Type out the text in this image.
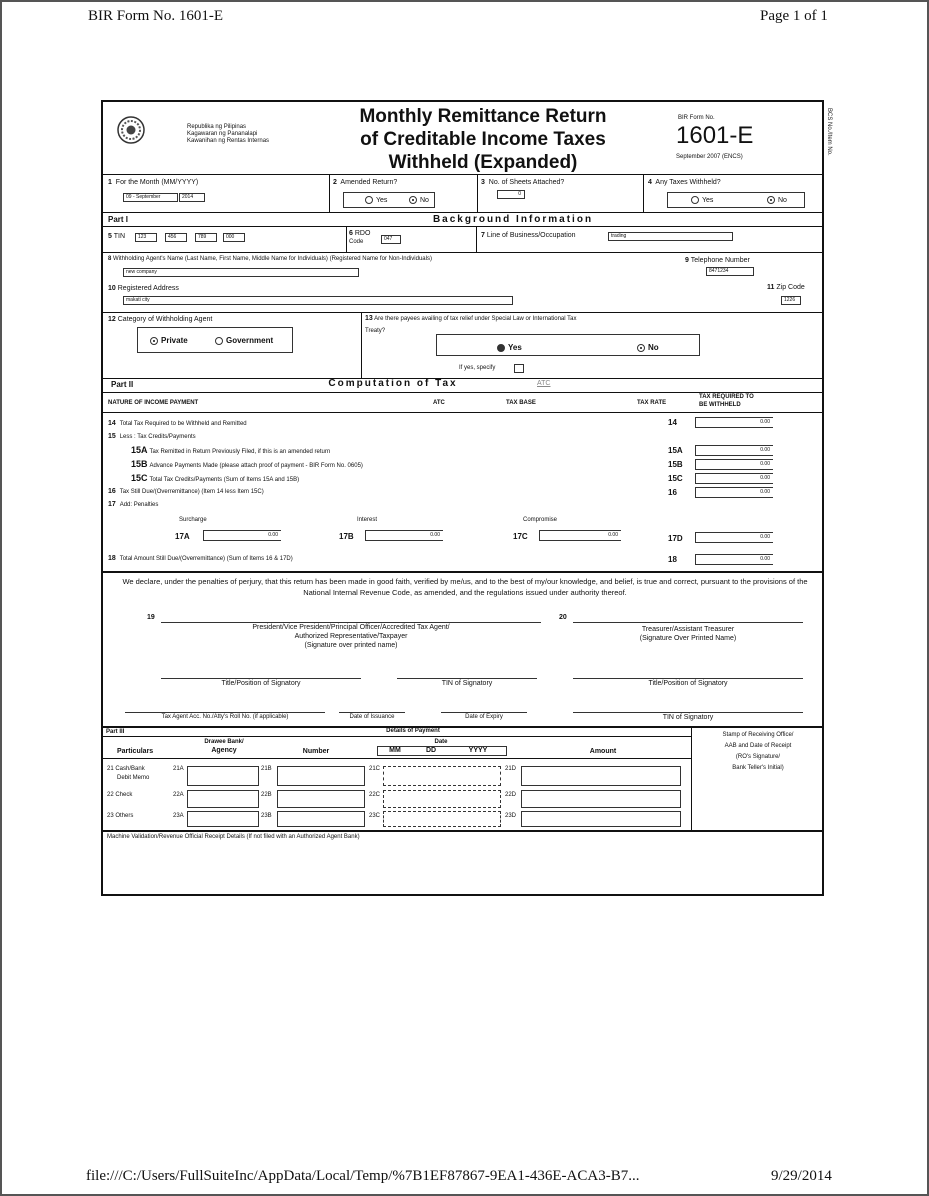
BIR Form No. 1601-E	Page 1 of 1
BCS No./Item No.
Republika ng Pilipinas
Kagawaran ng Pananalapi
Kawanihan ng Rentas Internas
Monthly Remittance Return
of Creditable Income Taxes
Withheld (Expanded)
BIR Form No.
1601-E
September 2007 (ENCS)
1 For the Month (MM/YYYY)
09 - September	2014
2 Amended Return?
Yes	No
3 No. of Sheets Attached?
0
4 Any Taxes Withheld?
Yes	No
Part I	Background Information
5 TIN	123	456	789	000	6 RDO
Code	047	7 Line of Business/Occupation	trading
8 Withholding Agent's Name (Last Name, First Name, Middle Name for Individuals) (Registered Name for Non-Individuals)
new company
9 Telephone Number
8471234
10 Registered Address
makati city
11 Zip Code
1226
12 Category of Withholding Agent
Private	Government
13 Are there payees availing of tax relief under Special Law or International Tax
Treaty?
Yes	No
If yes, specify
Part II	Computation of Tax	ATC
NATURE OF INCOME PAYMENT	ATC	TAX BASE	TAX RATE
TAX REQUIRED TO
BE WITHHELD
14 Total Tax Required to be Withheld and Remitted	14	0.00
15 Less : Tax Credits/Payments
15A Tax Remitted in Return Previously Filed, if this is an amended return	15A	0.00
15B Advance Payments Made (please attach proof of payment - BIR Form No. 0605)	15B	0.00
15C Total Tax Credits/Payments (Sum of Items 15A and 15B)	15C	0.00
16 Tax Still Due/(Overremittance) (Item 14 less Item 15C)	16	0.00
17 Add: Penalties
Surcharge	Interest	Compromise
17A	0.00	17B	0.00	17C	0.00	17D	0.00
18 Total Amount Still Due/(Overremittance) (Sum of Items 16 & 17D)	18	0.00
We declare, under the penalties of perjury, that this return has been made in good faith, verified by me/us, and to the best of my/our knowledge, and belief, is true and correct, pursuant to the provisions of the National Internal Revenue Code, as amended, and the regulations issued under authority thereof.
19
President/Vice President/Principal Officer/Accredited Tax Agent/
Authorized Representative/Taxpayer
(Signature over printed name)
20
Treasurer/Assistant Treasurer
(Signature Over Printed Name)
Title/Position of Signatory	TIN of Signatory	Title/Position of Signatory
Tax Agent Acc. No./Atty's Roll No. (if applicable)	Date of Issuance	Date of Expiry	TIN of Signatory
Part III	Details of Payment
Stamp of Receiving Office/
AAB and Date of Receipt
(RO's Signature/
Bank Teller's Initial)
Drawee Bank/
Agency
Particulars	Number
Date
MM	DD	YYYY	Amount
21 Cash/Bank
Debit Memo
21A	21B	21C	21D
22 Check	22A	22B	22C	22D
23 Others	23A	23B	23C	23D
Machine Validation/Revenue Official Receipt Details (If not filed with an Authorized Agent Bank)
file:///C:/Users/FullSuiteInc/AppData/Local/Temp/%7B1EF87867-9EA1-436E-ACA3-B7...	9/29/2014
